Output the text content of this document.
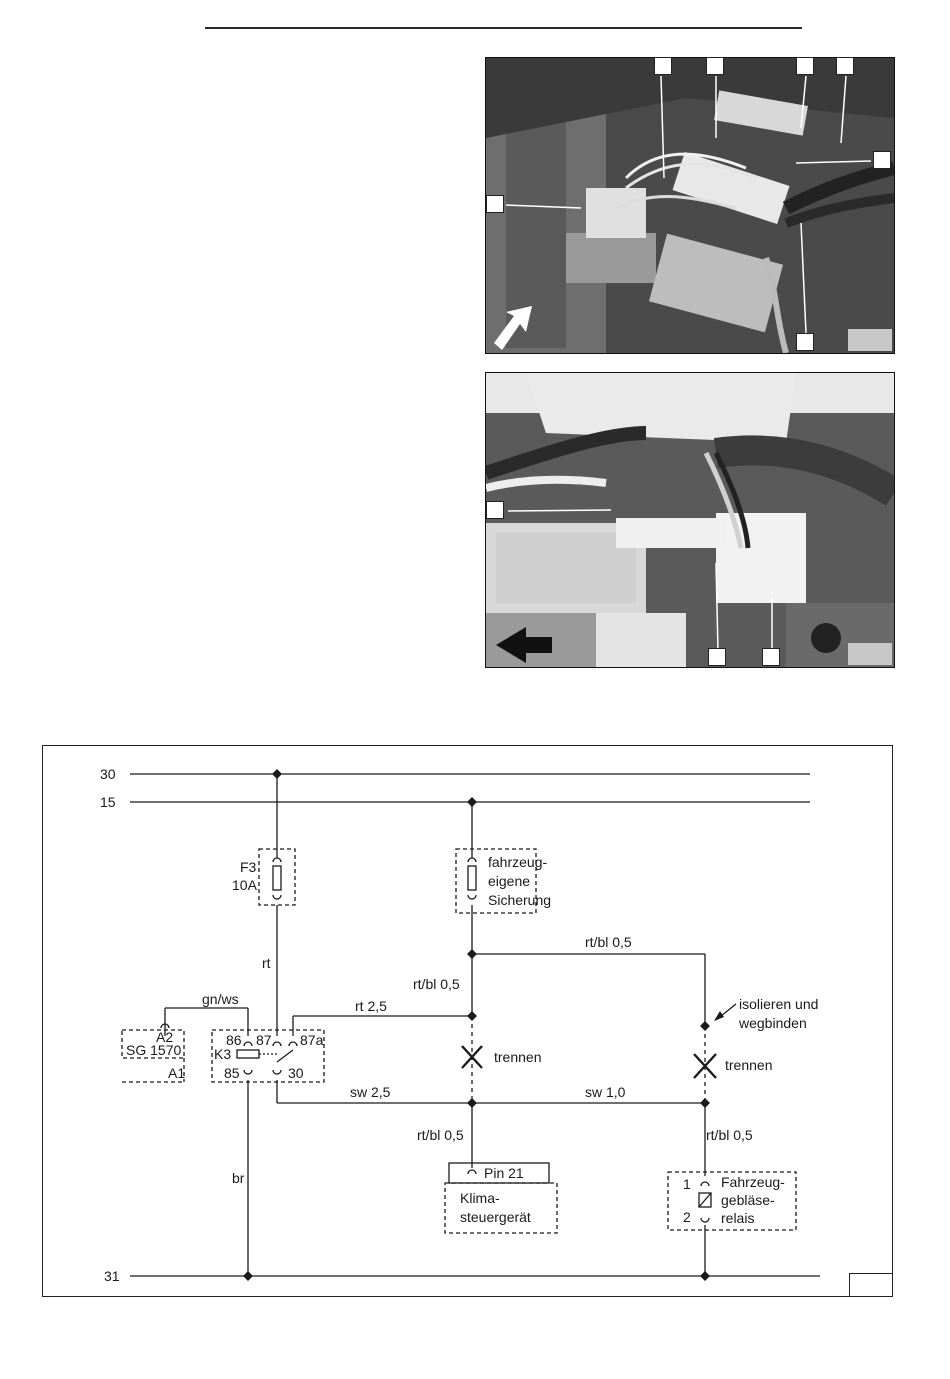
30
15
31
F3
10A
fahrzeug-
eigene
Sicherung
rt
rt/bl 0,5
rt/bl 0,5
gn/ws	rt 2,5	isolieren und
wegbinden
A2
SG 1570
A1
86 87 87a
K3
85	30
trennen	trennen
sw 2,5	sw 1,0
rt/bl 0,5	rt/bl 0,5
Pin 21
Klima-
steuergerät
1
2
Fahrzeug-
gebläse-
relais
br
